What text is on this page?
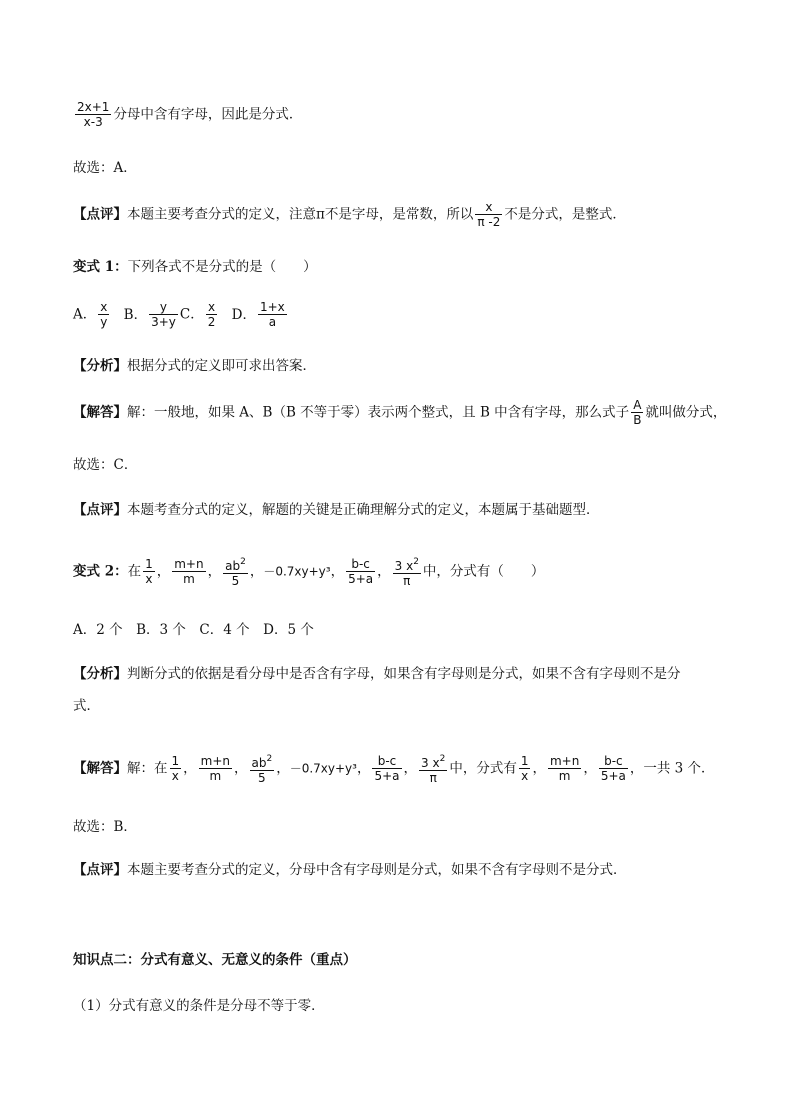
$\frac{2x+1}{x-3}$ 分母中含有字母，因此是分式．
故选：A．
【点评】本题主要考查分式的定义，注意π不是字母，是常数，所以 $\frac{x}{\pi -2}$ 不是分式，是整式．
变式 1：下列各式不是分式的是（　　）
A． $\frac{x}{y}$ B． $\frac{y}{3+y}$ C． $\frac{x}{2}$ D． $\frac{1+x}{a}$
【分析】根据分式的定义即可求出答案．
【解答】解：一般地，如果 A、B（B 不等于零）表示两个整式，且 B 中含有字母，那么式子 $\frac{A}{B}$ 就叫做分式，
故选：C．
【点评】本题考查分式的定义，解题的关键是正确理解分式的定义，本题属于基础题型．
变式 2：在 $\frac{1}{x}$ ， $\frac{m+n}{m}$ ， $\frac{ab^2}{5}$ ，－0.7xy+y³， $\frac{b-c}{5+a}$ ， $\frac{3 x^2}{\pi}$ 中，分式有（　　）
A．2 个　B．3 个　C．4 个　D．5 个
【分析】判断分式的依据是看分母中是否含有字母，如果含有字母则是分式，如果不含有字母则不是分
式．
【解答】解：在 $\frac{1}{x}$ ， $\frac{m+n}{m}$ ， $\frac{ab^2}{5}$ ，－0.7xy+y³， $\frac{b-c}{5+a}$ ， $\frac{3 x^2}{\pi}$ 中，分式有 $\frac{1}{x}$ ， $\frac{m+n}{m}$ ， $\frac{b-c}{5+a}$ ，一共 3 个．
故选：B．
【点评】本题主要考查分式的定义，分母中含有字母则是分式，如果不含有字母则不是分式．
知识点二：分式有意义、无意义的条件（重点）
（1）分式有意义的条件是分母不等于零．
